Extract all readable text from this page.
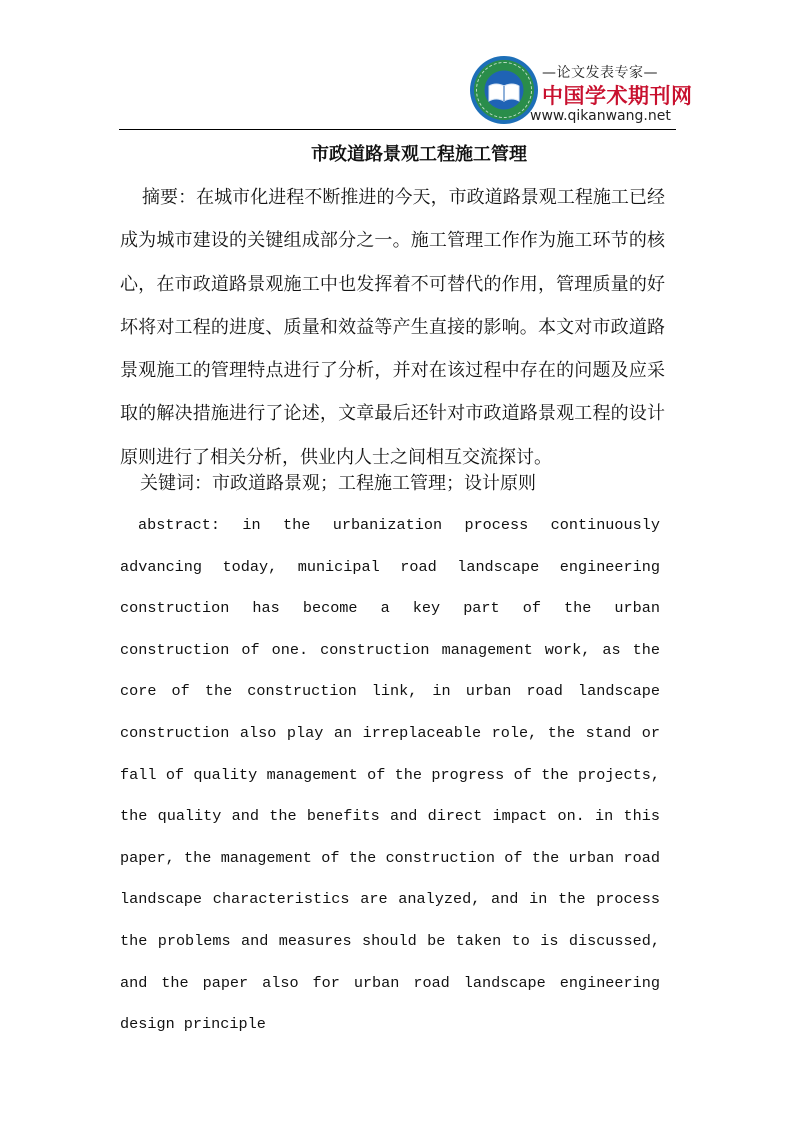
—论文发表专家—
中国学术期刊网
www.qikanwang.net
市政道路景观工程施工管理

摘要：在城市化进程不断推进的今天，市政道路景观工程施工已经成为城市建设的关键组成部分之一。施工管理工作作为施工环节的核心，在市政道路景观施工中也发挥着不可替代的作用，管理质量的好坏将对工程的进度、质量和效益等产生直接的影响。本文对市政道路景观施工的管理特点进行了分析，并对在该过程中存在的问题及应采取的解决措施进行了论述，文章最后还针对市政道路景观工程的设计原则进行了相关分析，供业内人士之间相互交流探讨。

关键词：市政道路景观；工程施工管理；设计原则

abstract: in the urbanization process continuously advancing today, municipal road landscape engineering construction has become a key part of the urban construction of one. construction management work, as the core of the construction link, in urban road landscape construction also play an irreplaceable role, the stand or fall of quality management of the progress of the projects, the quality and the benefits and direct impact on. in this paper, the management of the construction of the urban road landscape characteristics are analyzed, and in the process the problems and measures should be taken to is discussed, and the paper also for urban road landscape engineering design principle
